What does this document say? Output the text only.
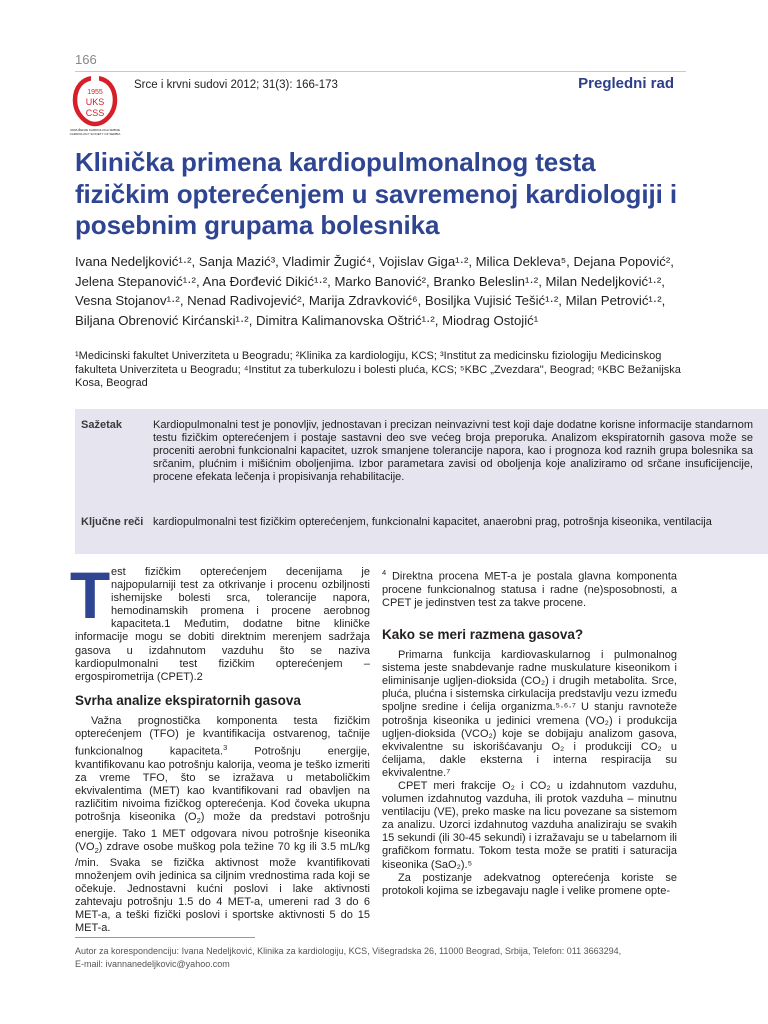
166
1955
UKS
CSS
UDRUŽENJE KARDIOLOGA SRBIJE
CARDIOLOGY SOCIETY OF SERBIA
Srce i krvni sudovi 2012; 31(3): 166-173	Pregledni rad
Klinička primena kardiopulmonalnog testa fizičkim opterećenjem u savremenoj kardiologiji i posebnim grupama bolesnika
Ivana Nedeljković¹·², Sanja Mazić³, Vladimir Žugić⁴, Vojislav Giga¹·², Milica Dekleva⁵, Dejana Popović², Jelena Stepanović¹·², Ana Đorđević Dikić¹·², Marko Banović², Branko Beleslin¹·², Milan Nedeljković¹·², Vesna Stojanov¹·², Nenad Radivojević², Marija Zdravković⁶, Bosiljka Vujisić Tešić¹·², Milan Petrović¹·², Biljana Obrenović Kirćanski¹·², Dimitra Kalimanovska Oštrić¹·², Miodrag Ostojić¹
¹Medicinski fakultet Univerziteta u Beogradu; ²Klinika za kardiologiju, KCS; ³Institut za medicinsku fiziologiju Medicinskog fakulteta Univerziteta u Beogradu; ⁴Institut za tuberkulozu i bolesti pluća, KCS; ⁵KBC „Zvezdara", Beograd; ⁶KBC Bežanijska Kosa, Beograd
Sažetak	Kardiopulmonalni test je ponovljiv, jednostavan i precizan neinvazivni test koji daje dodatne korisne informacije standarnom testu fizičkim opterećenjem i postaje sastavni deo sve većeg broja preporuka. Analizom ekspiratornih gasova može se proceniti aerobni funkcionalni kapacitet, uzrok smanjene tolerancije napora, kao i prognoza kod raznih grupa bolesnika sa srčanim, plućnim i mišićnim oboljenjima. Izbor parametara zavisi od oboljenja koje analiziramo od srčane insuficijencije, procene efekata lečenja i propisivanja rehabilitacije.
Ključne reči kardiopulmonalni test fizičkim opterećenjem, funkcionalni kapacitet, anaerobni prag, potrošnja kiseonika, ventilacija
T est fizičkim opterećenjem decenijama je najpopularniji test za otkrivanje i procenu ozbiljnosti ishemijske bolesti srca, tolerancije napora, hemodinamskih promena i procene aerobnog kapaciteta.1 Međutim, dodatne bitne kliničke informacije mogu se dobiti direktnim merenjem sadržaja gasova u izdahnutom vazduhu što se naziva kardiopulmonalni test fizičkim opterećenjem – ergospirometrija (CPET).2

Svrha analize ekspiratornih gasova

Važna prognostička komponenta testa fizičkim opterećenjem (TFO) je kvantifikacija ostvarenog, tačnije funkcionalnog kapaciteta.$^3$ Potrošnju energije, kvantifikovanu kao potrošnju kalorija, veoma je teško izmeriti za vreme TFO, što se izražava u metaboličkim ekvivalentima (MET) kao kvantifikovani rad obavljen na različitim nivoima fizičkog opterećenja. Kod čoveka ukupna potrošnja kiseonika $(O_2)$ može da predstavi potrošnju energije. Tako 1 MET odgovara nivou potrošnje kiseonika $(VO_2)$ zdrave osobe muškog pola težine 70 kg ili 3.5 mL/kg /min. Svaka se fizička aktivnost može kvantifikovati množenjem ovih jedinica sa ciljnim vrednostima rada koji se očekuje. Jednostavni kućni poslovi i lake aktivnosti zahtevaju potrošnju 1.5 do 4 MET-a, umereni rad 3 do 6 MET-a, a teški fizički poslovi i sportske aktivnosti 5 do 15 MET-a.

$^4$ Direktna procena MET-a je postala glavna komponenta procene funkcionalnog statusa i radne (ne)sposobnosti, a CPET je jedinstven test za takve procene.

Kako se meri razmena gasova?

Primarna funkcija kardiovaskularnog i pulmonalnog sistema jeste snabdevanje radne muskulature kiseonikom i eliminisanje ugljen-dioksida (CO₂) i drugih metabolita. Srce, pluća, plućna i sistemska cirkulacija predstavlju vezu između spoljne sredine i ćelija organizma.⁵·⁶·⁷ U stanju ravnoteže potrošnja kiseonika u jedinici vremena (VO₂) i produkcija ugljen-dioksida (VCO₂) koje se dobijaju analizom gasova, ekvivalentne su iskorišćavanju O₂ i produkciji CO₂ u ćelijama, dakle eksterna i interna respiracija su ekvivalentne.⁷

CPET meri frakcije O₂ i CO₂ u izdahnutom vazduhu, volumen izdahnutog vazduha, ili protok vazduha – minutnu ventilaciju (VE), preko maske na licu povezane sa sistemom za analizu. Uzorci izdahnutog vazduha analiziraju se svakih 15 sekundi (ili 30-45 sekundi) i izražavaju se u tabelarnom ili grafičkom formatu. Tokom testa može se pratiti i saturacija kiseonika (SaO₂).⁵

Za postizanje adekvatnog opterećenja koriste se protokoli kojima se izbegavaju nagle i velike promene opte-

Autor za korespondenciju: Ivana Nedeljković, Klinika za kardiologiju, KCS, Višegradska 26, 11000 Beograd, Srbija, Telefon: 011 3663294,
E-mail: ivannanedeljkovic@yahoo.com
